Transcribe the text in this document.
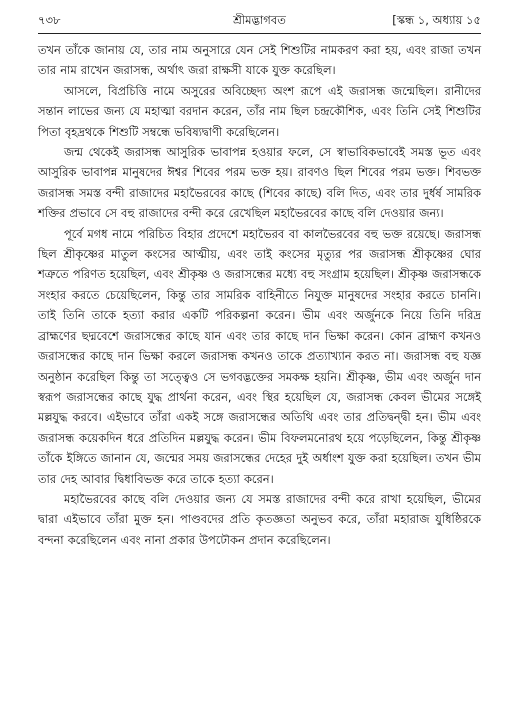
৭৩৮	শ্রীমদ্ভাগবত	[স্কন্ধ ১, অধ্যায় ১৫

তখন তাঁকে জানায় যে, তার নাম অনুসারে যেন সেই শিশুটির নামকরণ করা হয়, এবং রাজা তখন তার নাম রাখেন জরাসন্ধ, অর্থাৎ জরা রাক্ষসী যাকে যুক্ত করেছিল।

আসলে, বিপ্রচিত্তি নামে অসুরের অবিচ্ছেদ্য অংশ রূপে এই জরাসন্ধ জন্মেছিল। রানীদের সন্তান লাভের জন্য যে মহাত্মা বরদান করেন, তাঁর নাম ছিল চন্দ্রকৌশিক, এবং তিনি সেই শিশুটির পিতা বৃহদ্রথকে শিশুটি সম্বন্ধে ভবিষ্যদ্বাণী করেছিলেন।

জন্ম থেকেই জরাসন্ধ আসুরিক ভাবাপন্ন হওয়ার ফলে, সে স্বাভাবিকভাবেই সমস্ত ভূত এবং আসুরিক ভাবাপন্ন মানুষদের ঈশ্বর শিবের পরম ভক্ত হয়। রাবণও ছিল শিবের পরম ভক্ত। শিবভক্ত জরাসন্ধ সমস্ত বন্দী রাজাদের মহাভৈরবের কাছে (শিবের কাছে) বলি দিত, এবং তার দুর্ধর্ষ সামরিক শক্তির প্রভাবে সে বহু রাজাদের বন্দী করে রেখেছিল মহাভৈরবের কাছে বলি দেওয়ার জন্য।

পূর্বে মগধ নামে পরিচিত বিহার প্রদেশে মহাভৈরব বা কালভৈরবের বহু ভক্ত রয়েছে। জরাসন্ধ ছিল শ্রীকৃষ্ণের মাতুল কংসের আত্মীয়, এবং তাই কংসের মৃত্যুর পর জরাসন্ধ শ্রীকৃষ্ণের ঘোর শত্রুতে পরিণত হয়েছিল, এবং শ্রীকৃষ্ণ ও জরাসন্ধের মধ্যে বহু সংগ্রাম হয়েছিল। শ্রীকৃষ্ণ জরাসন্ধকে সংহার করতে চেয়েছিলেন, কিন্তু তার সামরিক বাহিনীতে নিযুক্ত মানুষদের সংহার করতে চাননি। তাই তিনি তাকে হত্যা করার একটি পরিকল্পনা করেন। ভীম এবং অর্জুনকে নিয়ে তিনি দরিদ্র ব্রাহ্মণের ছদ্মবেশে জরাসন্ধের কাছে যান এবং তার কাছে দান ভিক্ষা করেন। কোন ব্রাহ্মণ কখনও জরাসন্ধের কাছে দান ভিক্ষা করলে জরাসন্ধ কখনও তাকে প্রত্যাখ্যান করত না। জরাসন্ধ বহু যজ্ঞ অনুষ্ঠান করেছিল কিন্তু তা সত্ত্বেও সে ভগবদ্ভক্তের সমকক্ষ হয়নি। শ্রীকৃষ্ণ, ভীম এবং অর্জুন দান স্বরূপ জরাসন্ধের কাছে যুদ্ধ প্রার্থনা করেন, এবং স্থির হয়েছিল যে, জরাসন্ধ কেবল ভীমের সঙ্গেই মল্লযুদ্ধ করবে। এইভাবে তাঁরা একই সঙ্গে জরাসন্ধের অতিথি এবং তার প্রতিদ্বন্দ্বী হন। ভীম এবং জরাসন্ধ কয়েকদিন ধরে প্রতিদিন মল্লযুদ্ধ করেন। ভীম বিফলমনোরথ হয়ে পড়েছিলেন, কিন্তু শ্রীকৃষ্ণ তাঁকে ইঙ্গিতে জানান যে, জন্মের সময় জরাসন্ধের দেহের দুই অর্ধাংশ যুক্ত করা হয়েছিল। তখন ভীম তার দেহ আবার দ্বিধাবিভক্ত করে তাকে হত্যা করেন।

মহাভৈরবের কাছে বলি দেওয়ার জন্য যে সমস্ত রাজাদের বন্দী করে রাখা হয়েছিল, ভীমের দ্বারা এইভাবে তাঁরা মুক্ত হন। পাণ্ডবদের প্রতি কৃতজ্ঞতা অনুভব করে, তাঁরা মহারাজ যুধিষ্ঠিরকে বন্দনা করেছিলেন এবং নানা প্রকার উপঢৌকন প্রদান করেছিলেন।
